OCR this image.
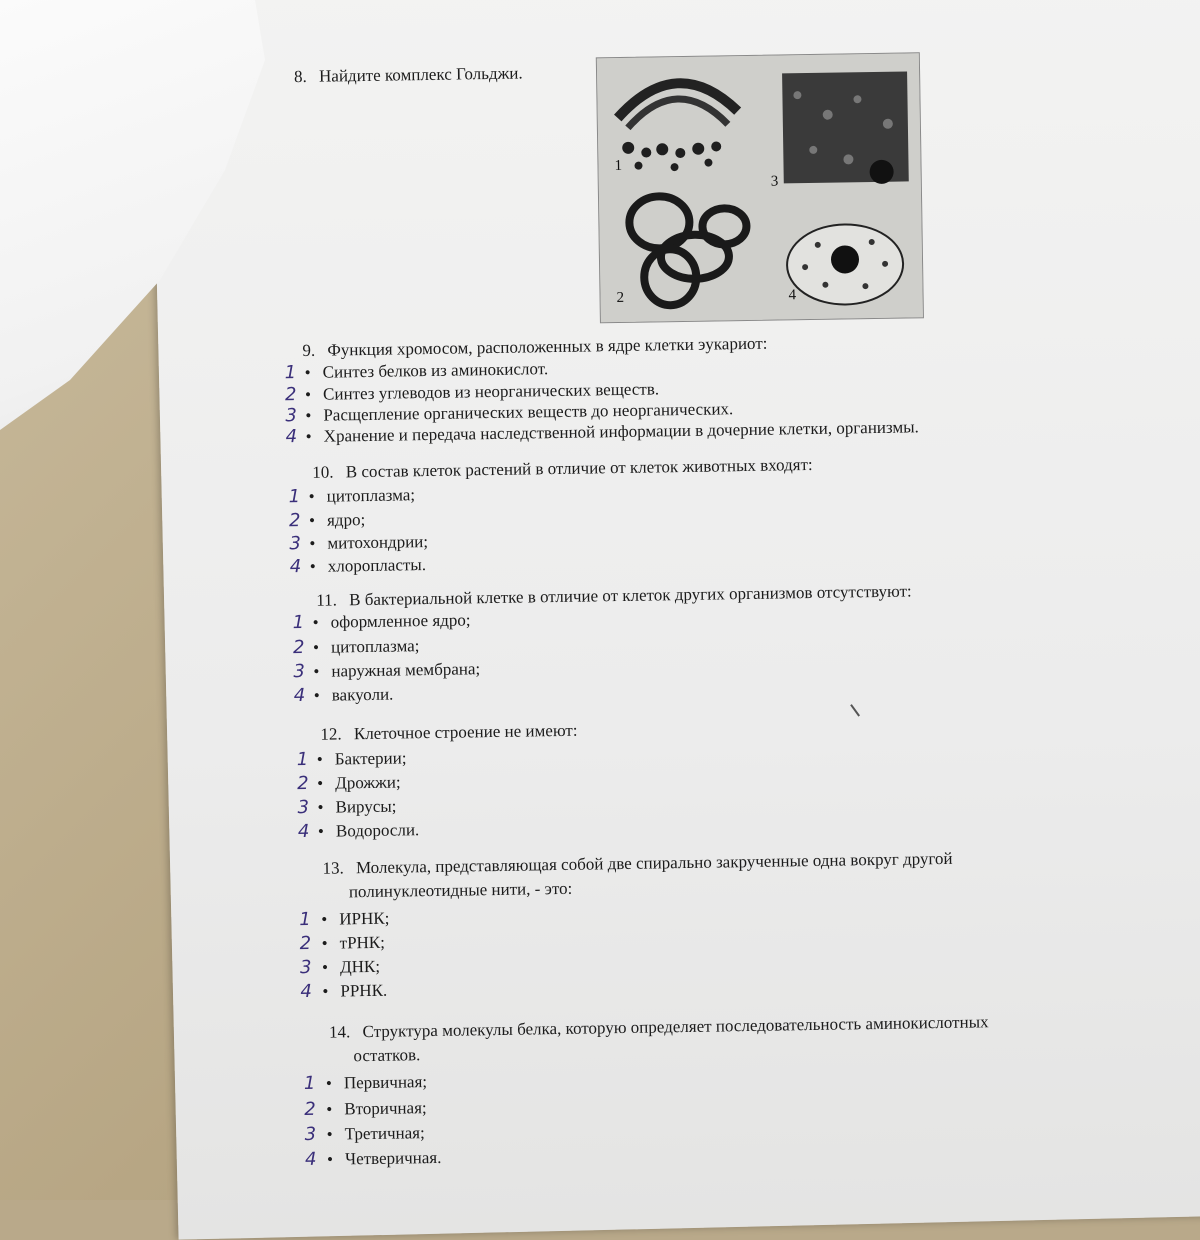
8. Найдите комплекс Гольджи.
1
2
3
4
9. Функция хромосом, расположенных в ядре клетки эукариот:
1 • Синтез белков из аминокислот.
2 • Синтез углеводов из неорганических веществ.
3 • Расщепление органических веществ до неорганических.
4 • Хранение и передача наследственной информации в дочерние клетки, организмы.
10. В состав клеток растений в отличие от клеток животных входят:
1 • цитоплазма;
2 • ядро;
3 • митохондрии;
4 • хлоропласты.
11. В бактериальной клетке в отличие от клеток других организмов отсутствуют:
1 • оформленное ядро;
2 • цитоплазма;
3 • наружная мембрана;
4 • вакуоли.
12. Клеточное строение не имеют:
1 • Бактерии;
2 • Дрожжи;
3 • Вирусы;
4 • Водоросли.
13. Молекула, представляющая собой две спирально закрученные одна вокруг другой
полинуклеотидные нити, - это:
1 • ИРНК;
2 • тРНК;
3 • ДНК;
4 • РРНК.
14. Структура молекулы белка, которую определяет последовательность аминокислотных
остатков.
1 • Первичная;
2 • Вторичная;
3 • Третичная;
4 • Четверичная.
